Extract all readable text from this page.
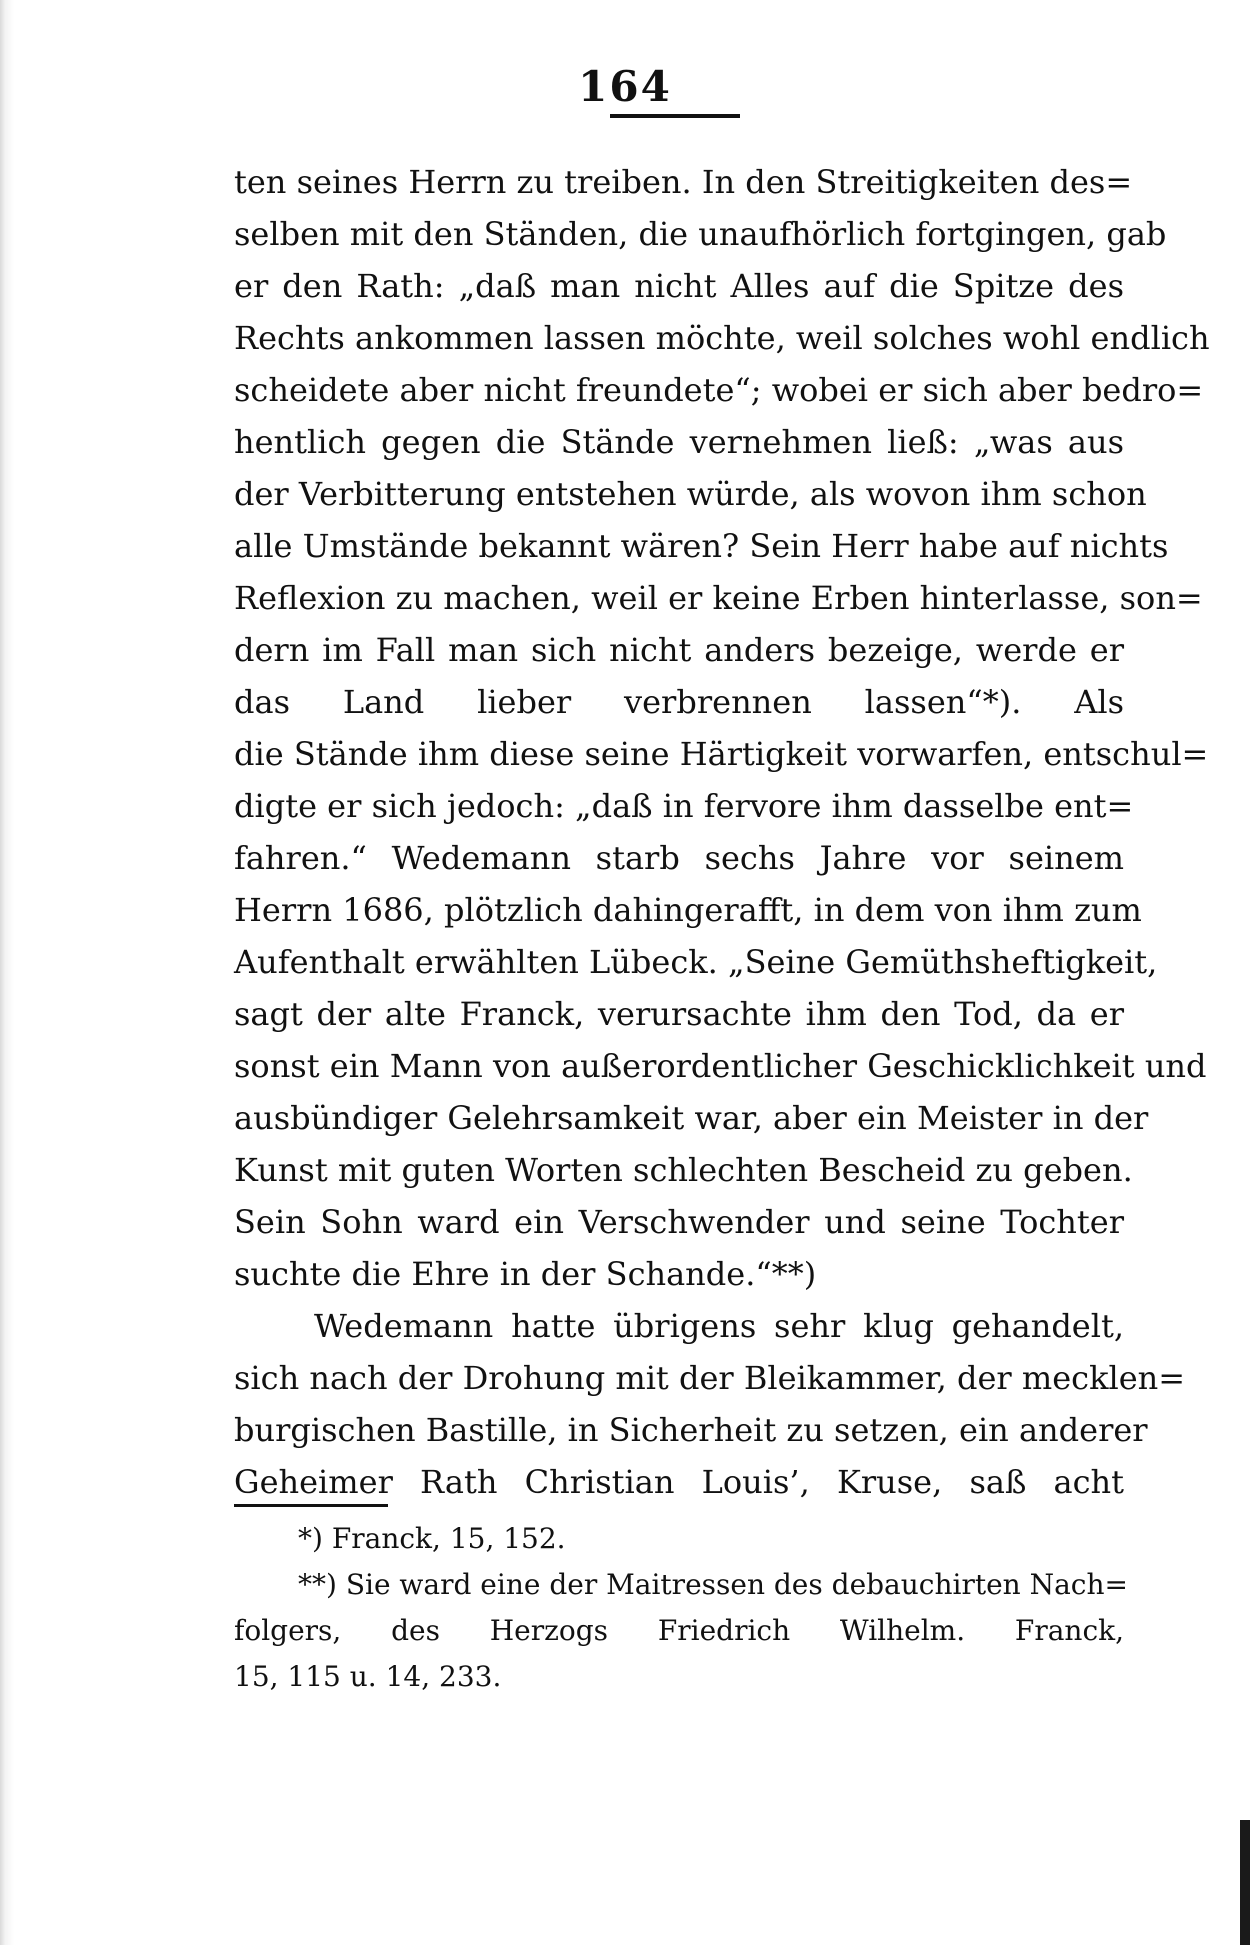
164
ten seines Herrn zu treiben. In den Streitigkeiten des=
selben mit den Ständen, die unaufhörlich fortgingen, gab
er den Rath: „daß man nicht Alles auf die Spitze des
Rechts ankommen lassen möchte, weil solches wohl endlich
scheidete aber nicht freundete“; wobei er sich aber bedro=
hentlich gegen die Stände vernehmen ließ: „was aus
der Verbitterung entstehen würde, als wovon ihm schon
alle Umstände bekannt wären? Sein Herr habe auf nichts
Reflexion zu machen, weil er keine Erben hinterlasse, son=
dern im Fall man sich nicht anders bezeige, werde er
das Land lieber verbrennen lassen“*). Als
die Stände ihm diese seine Härtigkeit vorwarfen, entschul=
digte er sich jedoch: „daß in fervore ihm dasselbe ent=
fahren.“ Wedemann starb sechs Jahre vor seinem
Herrn 1686, plötzlich dahingerafft, in dem von ihm zum
Aufenthalt erwählten Lübeck. „Seine Gemüthsheftigkeit,
sagt der alte Franck, verursachte ihm den Tod, da er
sonst ein Mann von außerordentlicher Geschicklichkeit und
ausbündiger Gelehrsamkeit war, aber ein Meister in der
Kunst mit guten Worten schlechten Bescheid zu geben.
Sein Sohn ward ein Verschwender und seine Tochter
suchte die Ehre in der Schande.“**)
Wedemann hatte übrigens sehr klug gehandelt,
sich nach der Drohung mit der Bleikammer, der mecklen=
burgischen Bastille, in Sicherheit zu setzen, ein anderer
Geheimer Rath Christian Louis’, Kruse, saß acht
*) Franck, 15, 152.
**) Sie ward eine der Maitressen des debauchirten Nach=
folgers, des Herzogs Friedrich Wilhelm. Franck,
15, 115 u. 14, 233.
